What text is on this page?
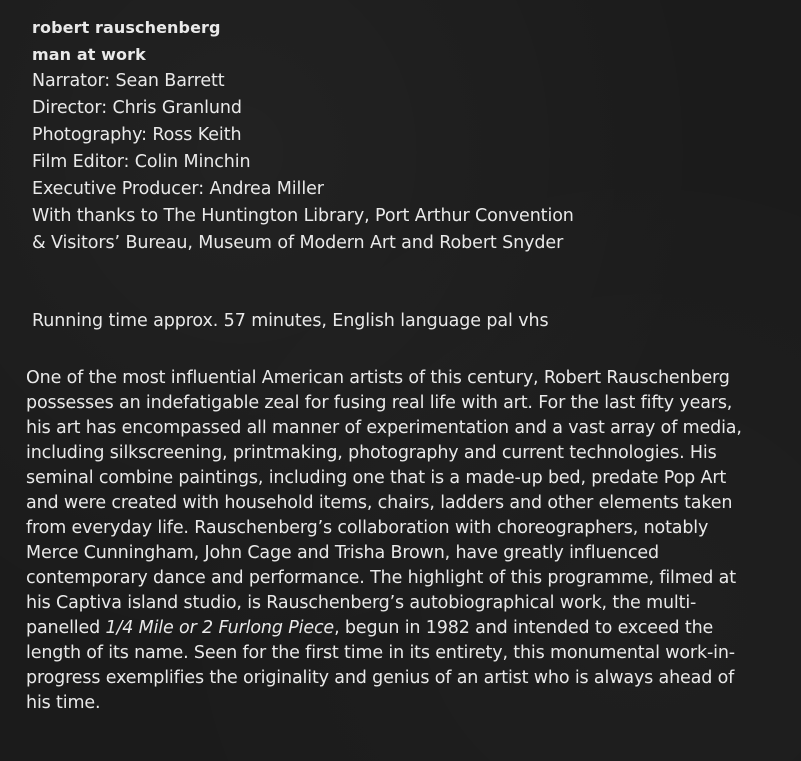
robert rauschenberg
man at work
Narrator: Sean Barrett
Director: Chris Granlund
Photography: Ross Keith
Film Editor: Colin Minchin
Executive Producer: Andrea Miller
With thanks to The Huntington Library, Port Arthur Convention
& Visitors’ Bureau, Museum of Modern Art and Robert Snyder
Running time approx. 57 minutes, English language pal vhs
One of the most influential American artists of this century, Robert Rauschenberg
possesses an indefatigable zeal for fusing real life with art. For the last fifty years,
his art has encompassed all manner of experimentation and a vast array of media,
including silkscreening, printmaking, photography and current technologies. His
seminal combine paintings, including one that is a made-up bed, predate Pop Art
and were created with household items, chairs, ladders and other elements taken
from everyday life. Rauschenberg’s collaboration with choreographers, notably
Merce Cunningham, John Cage and Trisha Brown, have greatly influenced
contemporary dance and performance. The highlight of this programme, filmed at
his Captiva island studio, is Rauschenberg’s autobiographical work, the multi-
panelled 1/4 Mile or 2 Furlong Piece, begun in 1982 and intended to exceed the
length of its name. Seen for the first time in its entirety, this monumental work-in-
progress exemplifies the originality and genius of an artist who is always ahead of
his time.
